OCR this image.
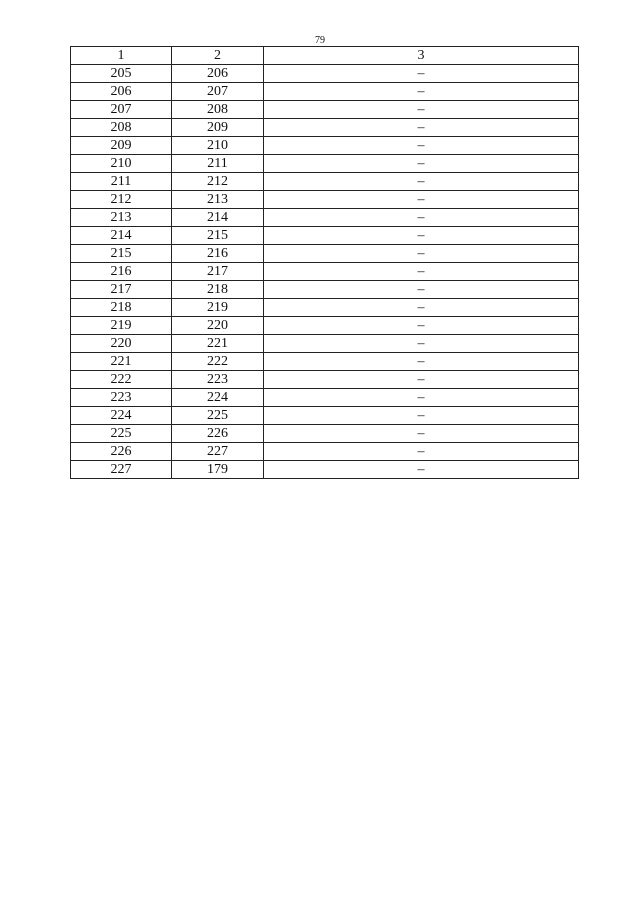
79
1	2	3
205	206	–
206	207	–
207	208	–
208	209	–
209	210	–
210	211	–
211	212	–
212	213	–
213	214	–
214	215	–
215	216	–
216	217	–
217	218	–
218	219	–
219	220	–
220	221	–
221	222	–
222	223	–
223	224	–
224	225	–
225	226	–
226	227	–
227	179	–
